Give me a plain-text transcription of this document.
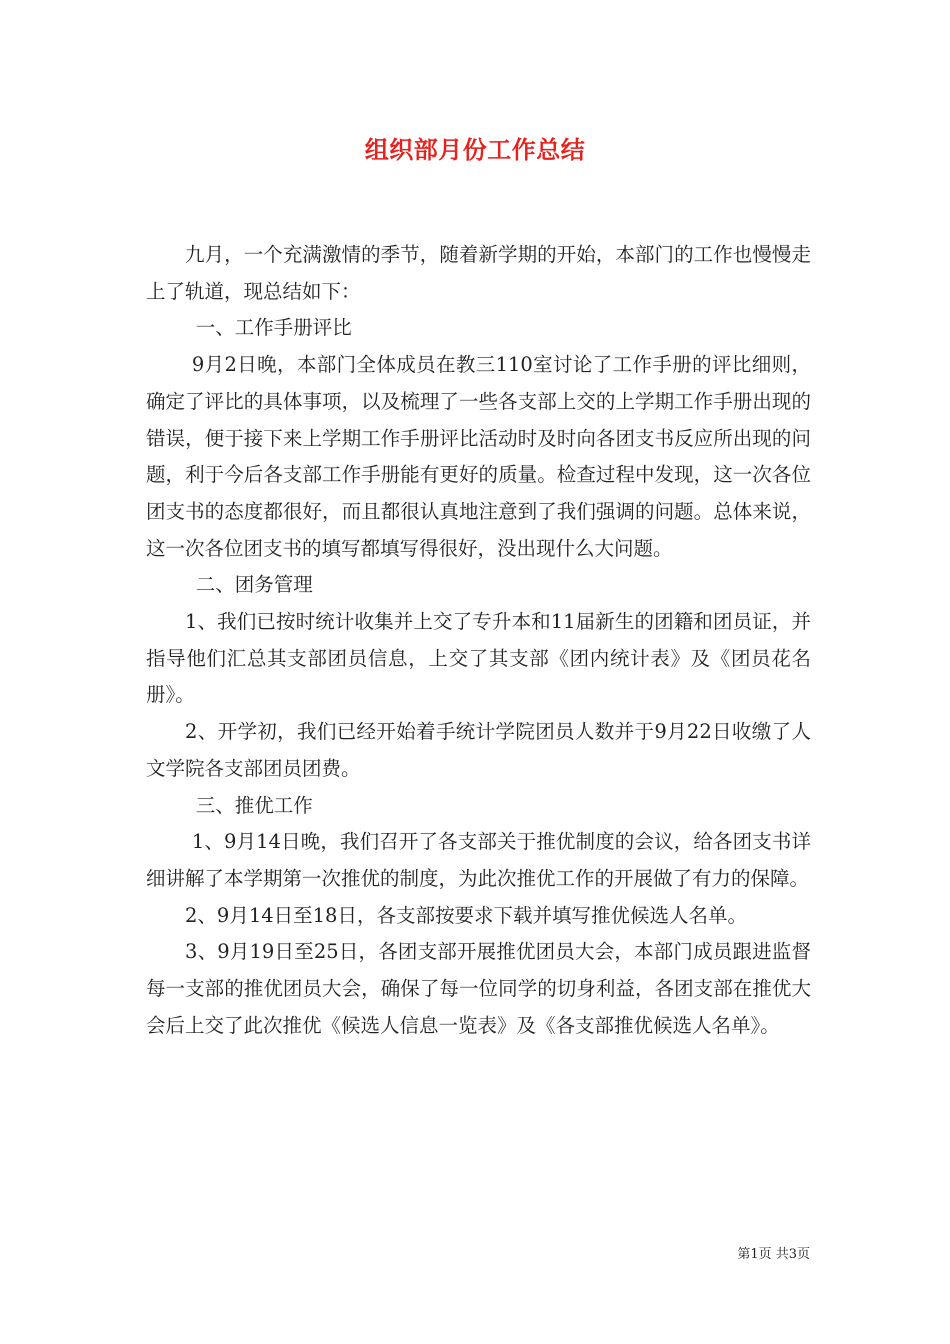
组织部月份工作总结

九月，一个充满激情的季节，随着新学期的开始，本部门的工作也慢慢走上了轨道，现总结如下：

一、工作手册评比

9月2日晚，本部门全体成员在教三110室讨论了工作手册的评比细则，确定了评比的具体事项，以及梳理了一些各支部上交的上学期工作手册出现的错误，便于接下来上学期工作手册评比活动时及时向各团支书反应所出现的问题，利于今后各支部工作手册能有更好的质量。检查过程中发现，这一次各位团支书的态度都很好，而且都很认真地注意到了我们强调的问题。总体来说，这一次各位团支书的填写都填写得很好，没出现什么大问题。

二、团务管理

1、我们已按时统计收集并上交了专升本和11届新生的团籍和团员证，并指导他们汇总其支部团员信息，上交了其支部《团内统计表》及《团员花名册》。

2、开学初，我们已经开始着手统计学院团员人数并于9月22日收缴了人文学院各支部团员团费。

三、推优工作

1、9月14日晚，我们召开了各支部关于推优制度的会议，给各团支书详细讲解了本学期第一次推优的制度，为此次推优工作的开展做了有力的保障。

2、9月14日至18日，各支部按要求下载并填写推优候选人名单。

3、9月19日至25日，各团支部开展推优团员大会，本部门成员跟进监督每一支部的推优团员大会，确保了每一位同学的切身利益，各团支部在推优大会后上交了此次推优《候选人信息一览表》及《各支部推优候选人名单》。

第1页 共3页
